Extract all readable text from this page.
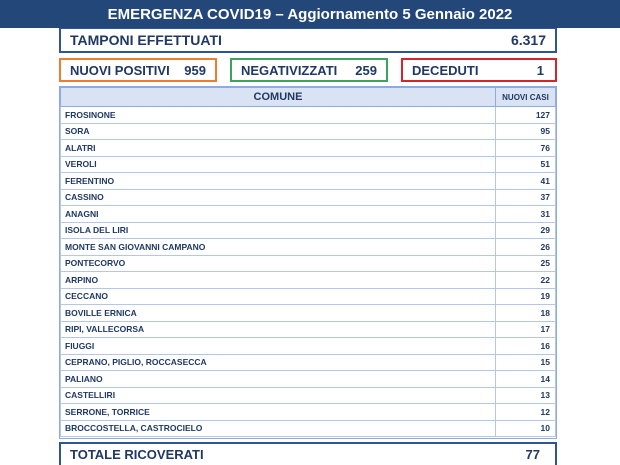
EMERGENZA COVID19 – Aggiornamento 5 Gennaio 2022
TAMPONI EFFETTUATI	6.317
NUOVI POSITIVI 959	NEGATIVIZZATI 259	DECEDUTI	1
COMUNE	NUOVI CASI
FROSINONE	127
SORA	95
ALATRI	76
VEROLI	51
FERENTINO	41
CASSINO	37
ANAGNI	31
ISOLA DEL LIRI	29
MONTE SAN GIOVANNI CAMPANO	26
PONTECORVO	25
ARPINO	22
CECCANO	19
BOVILLE ERNICA	18
RIPI, VALLECORSA	17
FIUGGI	16
CEPRANO, PIGLIO, ROCCASECCA	15
PALIANO	14
CASTELLIRI	13
SERRONE, TORRICE	12
BROCCOSTELLA, CASTROCIELO	10
TOTALE RICOVERATI	77
